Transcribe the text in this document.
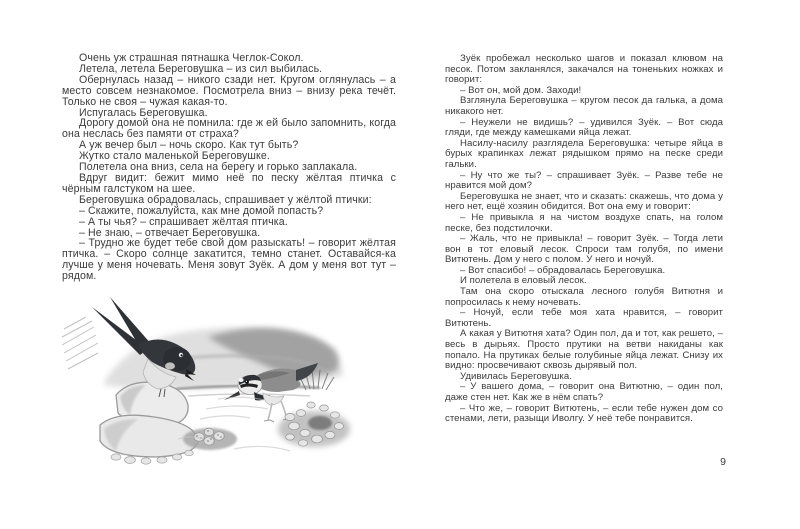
Очень уж страшная пятнашка Чеглок-Сокол.

Летела, летела Береговушка – из сил выбилась.

Обернулась назад – никого сзади нет. Кругом оглянулась – а место совсем незнакомое. Посмотрела вниз – внизу река течёт. Только не своя – чужая какая-то.

Испугалась Береговушка.

Дорогу домой она не помнила: где ж ей было запомнить, когда она неслась без памяти от страха?

А уж вечер был – ночь скоро. Как тут быть?

Жутко стало маленькой Береговушке.

Полетела она вниз, села на берегу и горько заплакала.

Вдруг видит: бежит мимо неё по песку жёлтая птичка с чёрным галстуком на шее.

Береговушка обрадовалась, спрашивает у жёлтой птички:

– Скажите, пожалуйста, как мне домой попасть?

– А ты чья? – спрашивает жёлтая птичка.

– Не знаю, – отвечает Береговушка.

– Трудно же будет тебе свой дом разыскать! – говорит жёлтая птичка. – Скоро солнце закатится, темно станет. Оставайся-ка лучше у меня ночевать. Меня зовут Зуёк. А дом у меня вот тут – рядом.

Зуёк пробежал несколько шагов и показал клювом на песок. Потом закланялся, закачался на тоненьких ножках и говорит:

– Вот он, мой дом. Заходи!

Взглянула Береговушка – кругом песок да галька, а дома никакого нет.

– Неужели не видишь? – удивился Зуёк. – Вот сюда гляди, где между камешками яйца лежат.

Насилу-насилу разглядела Береговушка: четыре яйца в бурых крапинках лежат рядышком прямо на песке среди гальки.

– Ну что же ты? – спрашивает Зуёк. – Разве тебе не нравится мой дом?

Береговушка не знает, что и сказать: скажешь, что дома у него нет, ещё хозяин обидится. Вот она ему и говорит:

– Не привыкла я на чистом воздухе спать, на голом песке, без подстилочки.

– Жаль, что не привыкла! – говорит Зуёк. – Тогда лети вон в тот еловый лесок. Спроси там голубя, по имени Витютень. Дом у него с полом. У него и ночуй.

– Вот спасибо! – обрадовалась Береговушка.

И полетела в еловый лесок.

Там она скоро отыскала лесного голубя Витютня и попросилась к нему ночевать.

– Ночуй, если тебе моя хата нравится, – говорит Витютень.

А какая у Витютня хата? Один пол, да и тот, как решето, – весь в дырьях. Просто прутики на ветви накиданы как попало. На прутиках белые голубиные яйца лежат. Снизу их видно: просвечивают сквозь дырявый пол.

Удивилась Береговушка.

– У вашего дома, – говорит она Витютню, – один пол, даже стен нет. Как же в нём спать?

– Что же, – говорит Витютень, – если тебе нужен дом со стенами, лети, разыщи Иволгу. У неё тебе понравится.

9
